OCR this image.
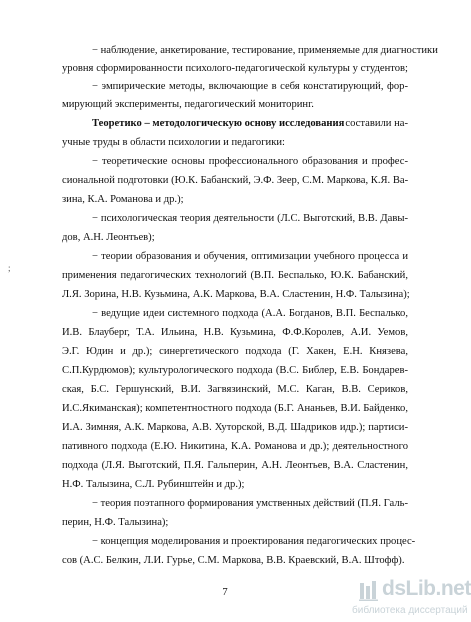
− наблюдение, анкетирование, тестирование, применяемые для диагностики
уровня сформированности психолого-педагогической культуры у студентов;
− эмпирические методы, включающие в себя констатирующий, фор-
мирующий эксперименты, педагогический мониторинг.
Теоретико – методологическую основу исследования составили на-
учные труды в области психологии и педагогики:
− теоретические основы профессионального образования и профес-
сиональной подготовки (Ю.К. Бабанский, Э.Ф. Зеер, С.М. Маркова, К.Я. Ва-
зина, К.А. Романова и др.);
− психологическая теория деятельности (Л.С. Выготский, В.В. Давы-
дов, А.Н. Леонтьев);
− теории образования и обучения, оптимизации учебного процесса и
применения педагогических технологий (В.П. Беспалько, Ю.К. Бабанский,
Л.Я. Зорина, Н.В. Кузьмина, А.К. Маркова, В.А. Сластенин, Н.Ф. Талызина);
− ведущие идеи системного подхода (А.А. Богданов, В.П. Беспалько,
И.В. Блауберг, Т.А. Ильина, Н.В. Кузьмина, Ф.Ф.Королев, А.И. Уемов,
Э.Г. Юдин и др.); синергетического подхода (Г. Хакен, Е.Н. Князева,
С.П.Курдюмов); культурологического подхода (В.С. Библер, Е.В. Бондарев-
ская, Б.С. Гершунский, В.И. Загвязинский, М.С. Каган, В.В. Сериков,
И.С.Якиманская); компетентностного подхода (Б.Г. Ананьев, В.И. Байденко,
И.А. Зимняя, А.К. Маркова, А.В. Хуторской, В.Д. Шадриков идр.); партиси-
пативного подхода (Е.Ю. Никитина, К.А. Романова и др.); деятельностного
подхода (Л.Я. Выготский, П.Я. Гальперин, А.Н. Леонтьев, В.А. Сластенин,
Н.Ф. Талызина, С.Л. Рубинштейн и др.);
− теория поэтапного формирования умственных действий (П.Я. Галь-
перин, Н.Ф. Талызина);
− концепция моделирования и проектирования педагогических процес-
сов (А.С. Белкин, Л.И. Гурье, С.М. Маркова, В.В. Краевский, В.А. Штофф).
;
7	dsLib.net
библиотека диссертаций
